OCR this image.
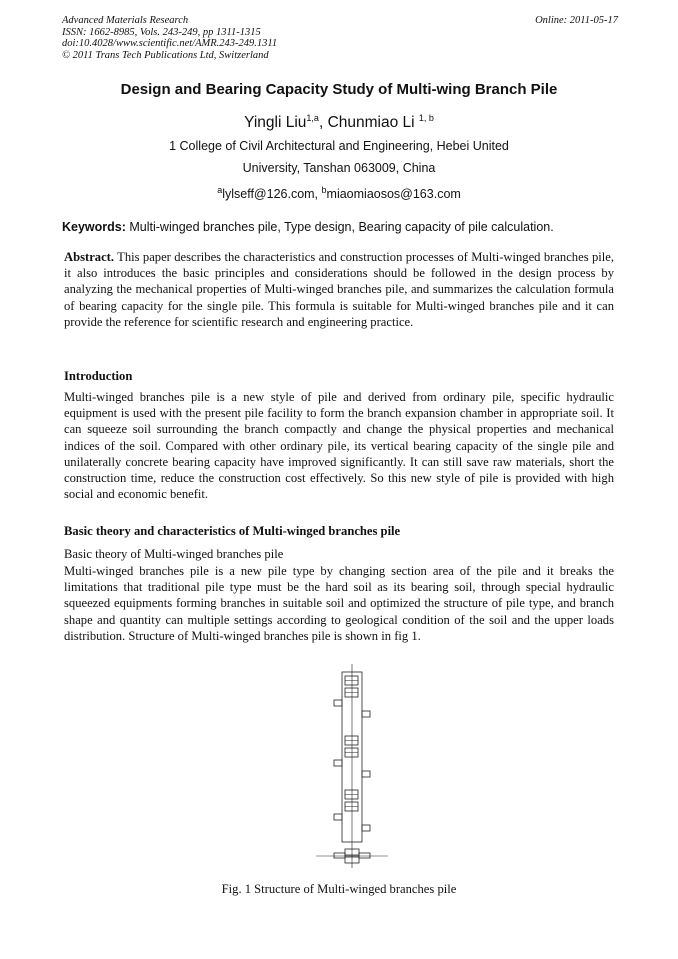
Advanced Materials Research
ISSN: 1662-8985, Vols. 243-249, pp 1311-1315
doi:10.4028/www.scientific.net/AMR.243-249.1311
© 2011 Trans Tech Publications Ltd, Switzerland
Online: 2011-05-17
Design and Bearing Capacity Study of Multi-wing Branch Pile
Yingli Liu$^{1,a}$, Chunmiao Li $^{1, b}$
1 College of Civil Architectural and Engineering, Hebei United
University, Tanshan 063009, China
$^a$lylseff@126.com, $^b$miaomiaosos@163.com
Keywords: Multi-winged branches pile, Type design, Bearing capacity of pile calculation.
Abstract. This paper describes the characteristics and construction processes of Multi-winged branches pile, it also introduces the basic principles and considerations should be followed in the design process by analyzing the mechanical properties of Multi-winged branches pile, and summarizes the calculation formula of bearing capacity for the single pile. This formula is suitable for Multi-winged branches pile and it can provide the reference for scientific research and engineering practice.
Introduction
Multi-winged branches pile is a new style of pile and derived from ordinary pile, specific hydraulic equipment is used with the present pile facility to form the branch expansion chamber in appropriate soil. It can squeeze soil surrounding the branch compactly and change the physical properties and mechanical indices of the soil. Compared with other ordinary pile, its vertical bearing capacity of the single pile and unilaterally concrete bearing capacity have improved significantly. It can still save raw materials, short the construction time, reduce the construction cost effectively. So this new style of pile is provided with high social and economic benefit.
Basic theory and characteristics of Multi-winged branches pile
Basic theory of Multi-winged branches pile
Multi-winged branches pile is a new pile type by changing section area of the pile and it breaks the limitations that traditional pile type must be the hard soil as its bearing soil, through special hydraulic squeezed equipments forming branches in suitable soil and optimized the structure of pile type, and branch shape and quantity can multiple settings according to geological condition of the soil and the upper loads distribution. Structure of Multi-winged branches pile is shown in fig 1.
Fig. 1 Structure of Multi-winged branches pile
